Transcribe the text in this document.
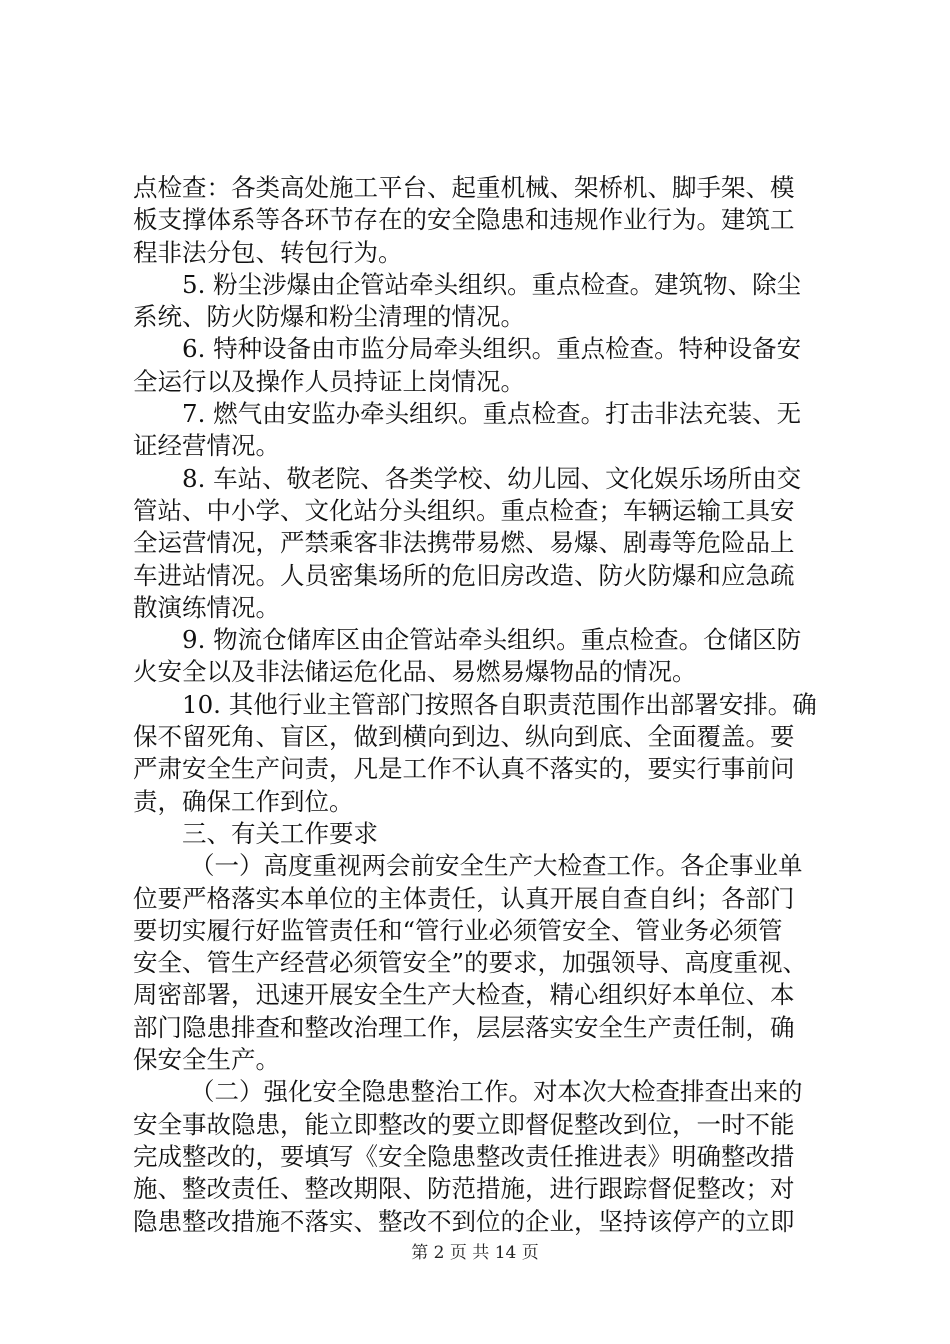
点检查：各类高处施工平台、起重机械、架桥机、脚手架、模
板支撑体系等各环节存在的安全隐患和违规作业行为。建筑工
程非法分包、转包行为。
5. 粉尘涉爆由企管站牵头组织。重点检查。建筑物、除尘
系统、防火防爆和粉尘清理的情况。
6. 特种设备由市监分局牵头组织。重点检查。特种设备安
全运行以及操作人员持证上岗情况。
7. 燃气由安监办牵头组织。重点检查。打击非法充装、无
证经营情况。
8. 车站、敬老院、各类学校、幼儿园、文化娱乐场所由交
管站、中小学、文化站分头组织。重点检查；车辆运输工具安
全运营情况，严禁乘客非法携带易燃、易爆、剧毒等危险品上
车进站情况。人员密集场所的危旧房改造、防火防爆和应急疏
散演练情况。
9. 物流仓储库区由企管站牵头组织。重点检查。仓储区防
火安全以及非法储运危化品、易燃易爆物品的情况。
10. 其他行业主管部门按照各自职责范围作出部署安排。确
保不留死角、盲区，做到横向到边、纵向到底、全面覆盖。要
严肃安全生产问责，凡是工作不认真不落实的，要实行事前问
责，确保工作到位。
三、有关工作要求
（一）高度重视两会前安全生产大检查工作。各企事业单
位要严格落实本单位的主体责任，认真开展自查自纠；各部门
要切实履行好监管责任和“管行业必须管安全、管业务必须管
安全、管生产经营必须管安全”的要求，加强领导、高度重视、
周密部署，迅速开展安全生产大检查，精心组织好本单位、本
部门隐患排查和整改治理工作，层层落实安全生产责任制，确
保安全生产。
（二）强化安全隐患整治工作。对本次大检查排查出来的
安全事故隐患，能立即整改的要立即督促整改到位，一时不能
完成整改的，要填写《安全隐患整改责任推进表》明确整改措
施、整改责任、整改期限、防范措施，进行跟踪督促整改；对
隐患整改措施不落实、整改不到位的企业，坚持该停产的立即
第 2 页 共 14 页
